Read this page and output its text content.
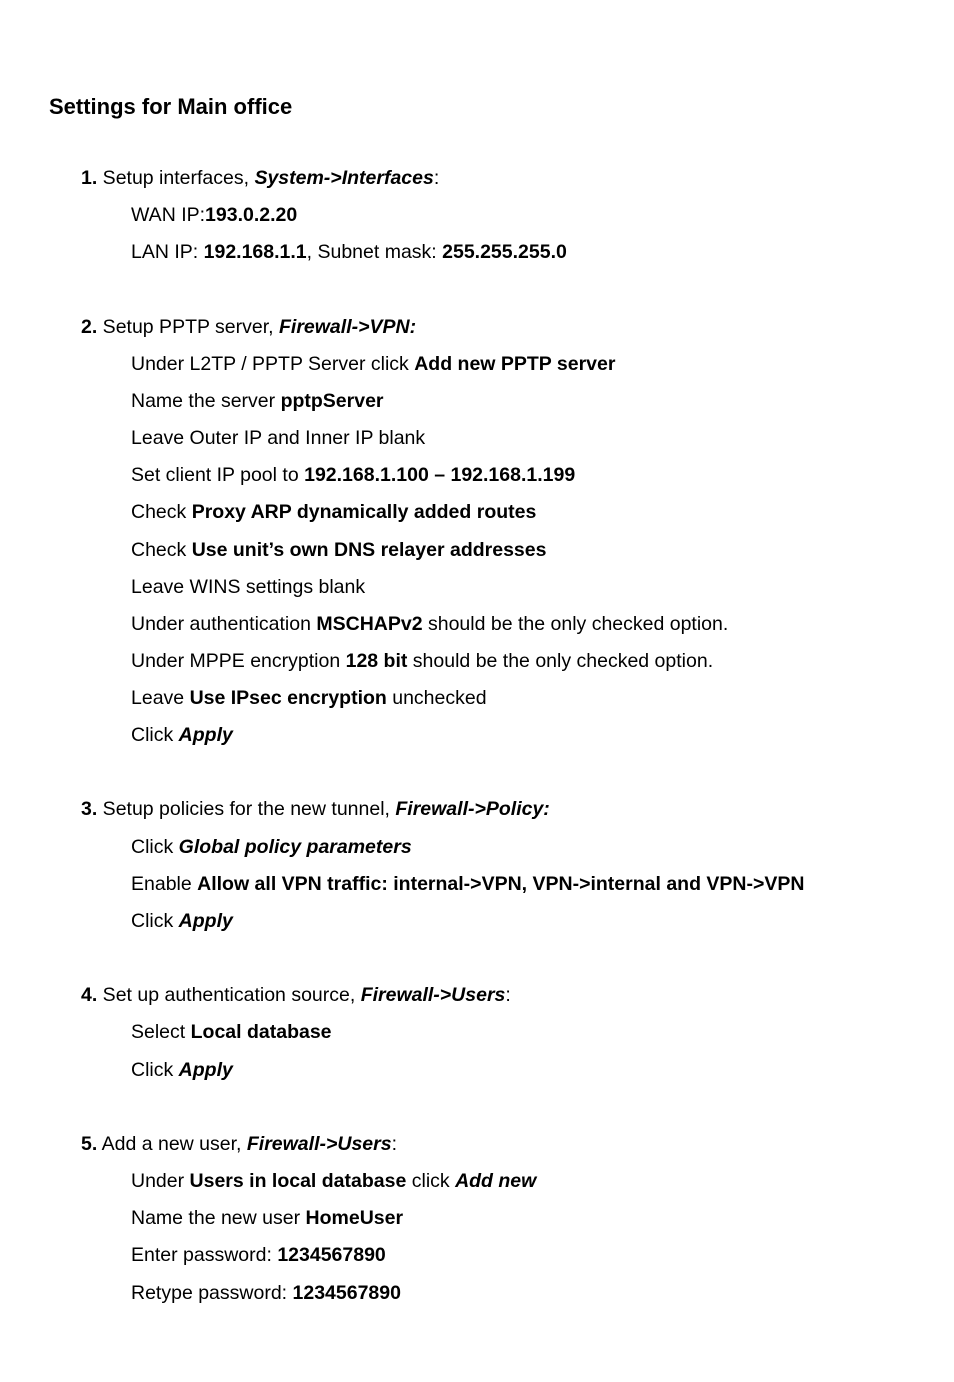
Settings for Main office
1. Setup interfaces, System->Interfaces:
WAN IP:193.0.2.20
LAN IP: 192.168.1.1, Subnet mask: 255.255.255.0
2. Setup PPTP server, Firewall->VPN:
Under L2TP / PPTP Server click Add new PPTP server
Name the server pptpServer
Leave Outer IP and Inner IP blank
Set client IP pool to 192.168.1.100 – 192.168.1.199
Check Proxy ARP dynamically added routes
Check Use unit’s own DNS relayer addresses
Leave WINS settings blank
Under authentication MSCHAPv2 should be the only checked option.
Under MPPE encryption 128 bit should be the only checked option.
Leave Use IPsec encryption unchecked
Click Apply
3. Setup policies for the new tunnel, Firewall->Policy:
Click Global policy parameters
Enable Allow all VPN traffic: internal->VPN, VPN->internal and VPN->VPN
Click Apply
4. Set up authentication source, Firewall->Users:
Select Local database
Click Apply
5. Add a new user, Firewall->Users:
Under Users in local database click Add new
Name the new user HomeUser
Enter password: 1234567890
Retype password: 1234567890
